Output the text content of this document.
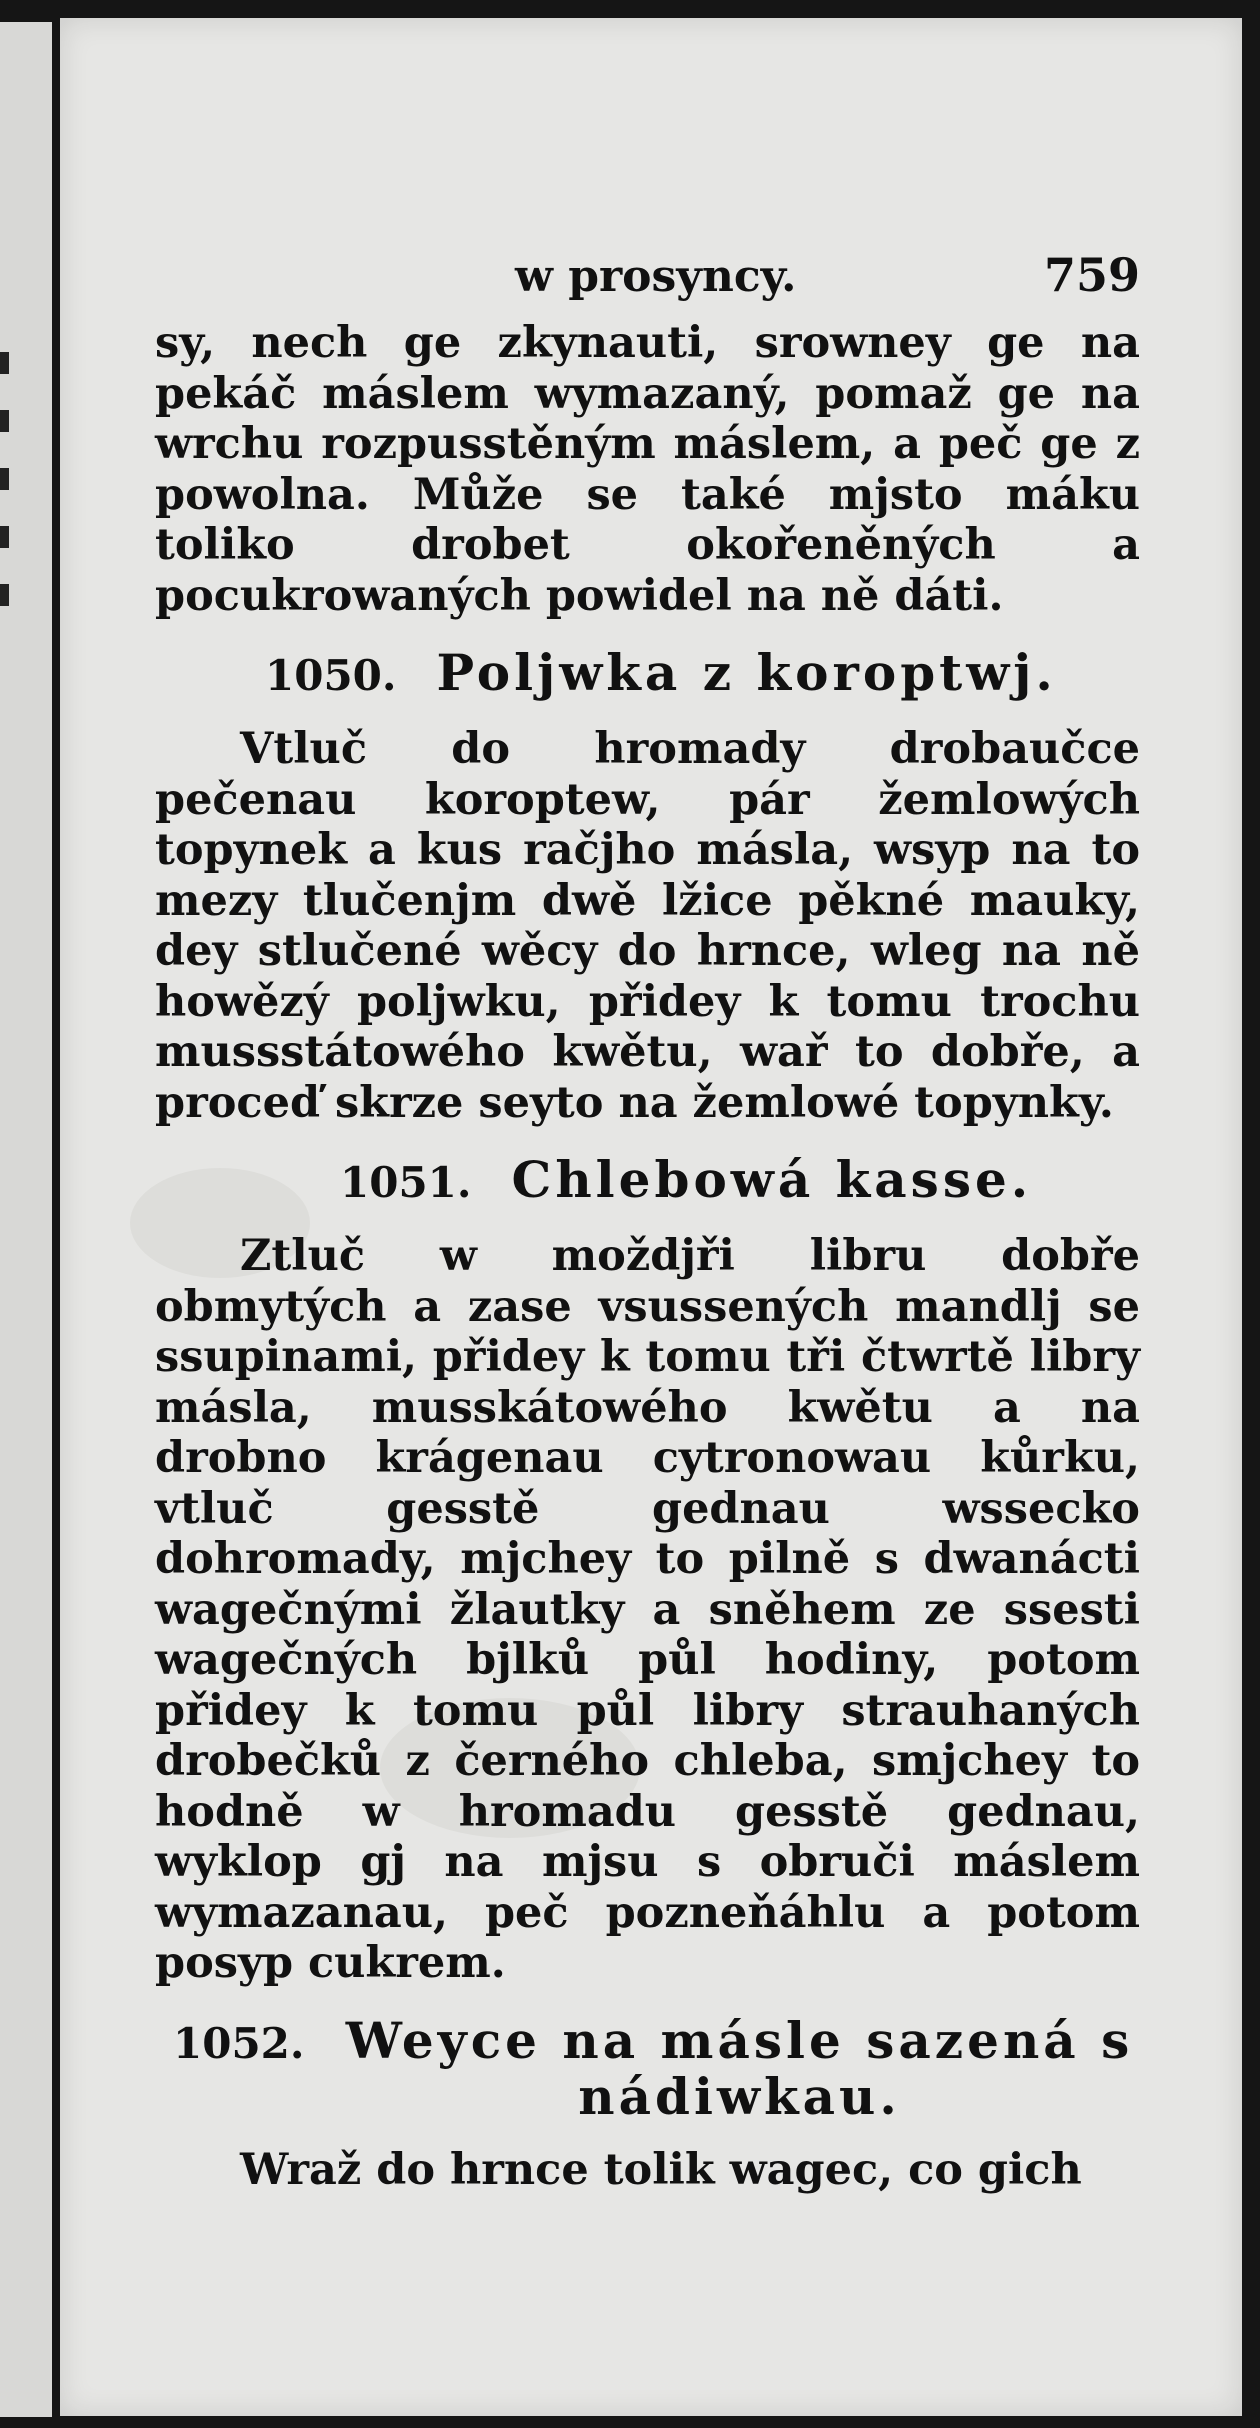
w prosyncy.	759

sy, nech ge zkynauti, srowney ge na pekáč máslem wymazaný, pomaž ge na wrchu rozpusstěným máslem, a peč ge z powolna. Může se také mjsto máku toliko drobet okořeněných a pocukrowaných powidel na ně dáti.

1050. Poljwka z koroptwj.

Vtluč do hromady drobaučce pečenau koroptew, pár žemlowých topynek a kus račjho másla, wsyp na to mezy tlučenjm dwě lžice pěkné mauky, dey stlučené wěcy do hrnce, wleg na ně howězý poljwku, přidey k tomu trochu mussstátowého kwětu, wař to dobře, a proceď skrze seyto na žemlowé topynky.

1051. Chlebowá kasse.

Ztluč w moždjři libru dobře obmytých a zase vsussených mandlj se ssupinami, přidey k tomu tři čtwrtě libry másla, musskátowého kwětu a na drobno krágenau cytronowau kůrku, vtluč gesstě gednau wssecko dohromady, mjchey to pilně s dwanácti wagečnými žlautky a sněhem ze ssesti wagečných bjlků půl hodiny, potom přidey k tomu půl libry strauhaných drobečků z černého chleba, smjchey to hodně w hromadu gesstě gednau, wyklop gj na mjsu s obruči máslem wymazanau, peč pozneňáhlu a potom posyp cukrem.

1052. Weyce na másle sazená s nádiwkau.

Wraž do hrnce tolik wagec, co gich
